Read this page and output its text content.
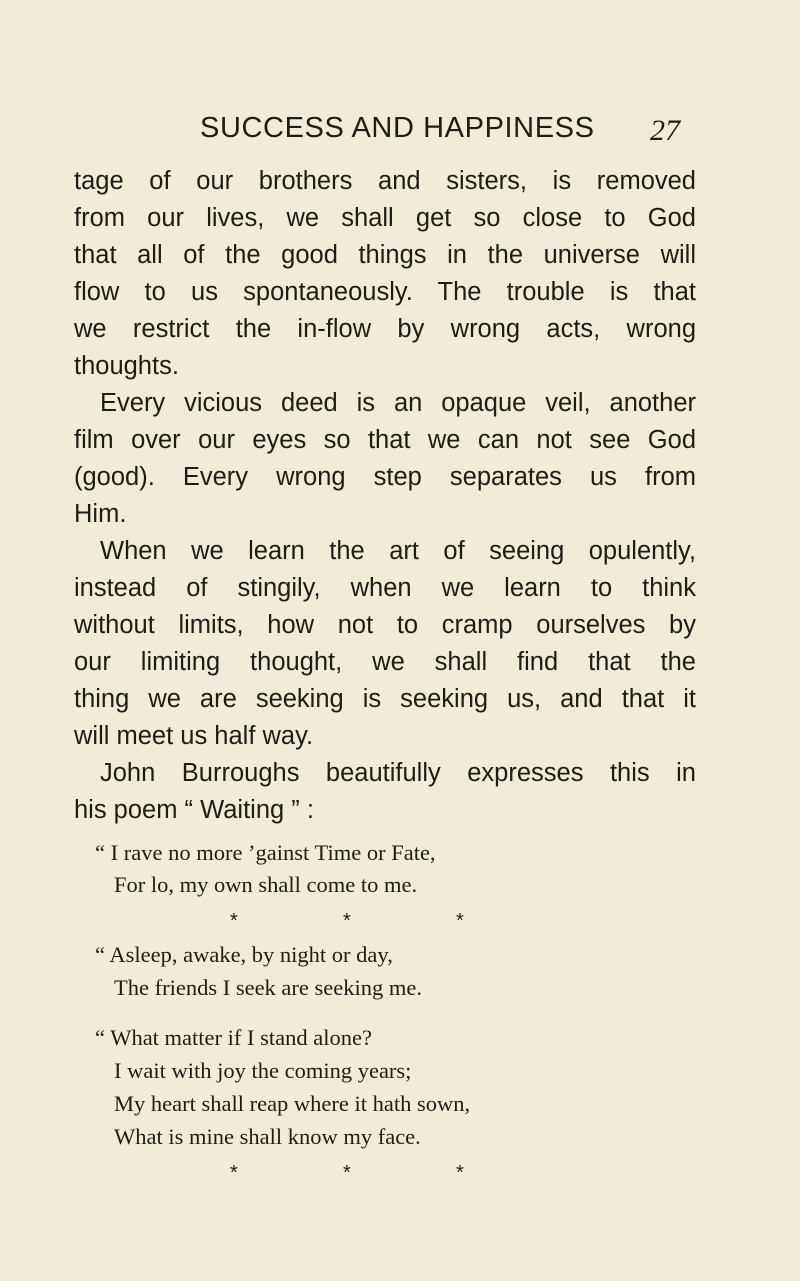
SUCCESS AND HAPPINESS 27
tage of our brothers and sisters, is removed
from our lives, we shall get so close to God
that all of the good things in the universe will
flow to us spontaneously. The trouble is that
we restrict the in-flow by wrong acts, wrong
thoughts.
Every vicious deed is an opaque veil, another
film over our eyes so that we can not see God
(good). Every wrong step separates us from
Him.
When we learn the art of seeing opulently,
instead of stingily, when we learn to think
without limits, how not to cramp ourselves by
our limiting thought, we shall find that the
thing we are seeking is seeking us, and that it
will meet us half way.
John Burroughs beautifully expresses this in
his poem “ Waiting ” :
“ I rave no more ’gainst Time or Fate,
For lo, my own shall come to me.
*	*	*
“ Asleep, awake, by night or day,
The friends I seek are seeking me.
“ What matter if I stand alone?
I wait with joy the coming years;
My heart shall reap where it hath sown,
What is mine shall know my face.
*	*	*
